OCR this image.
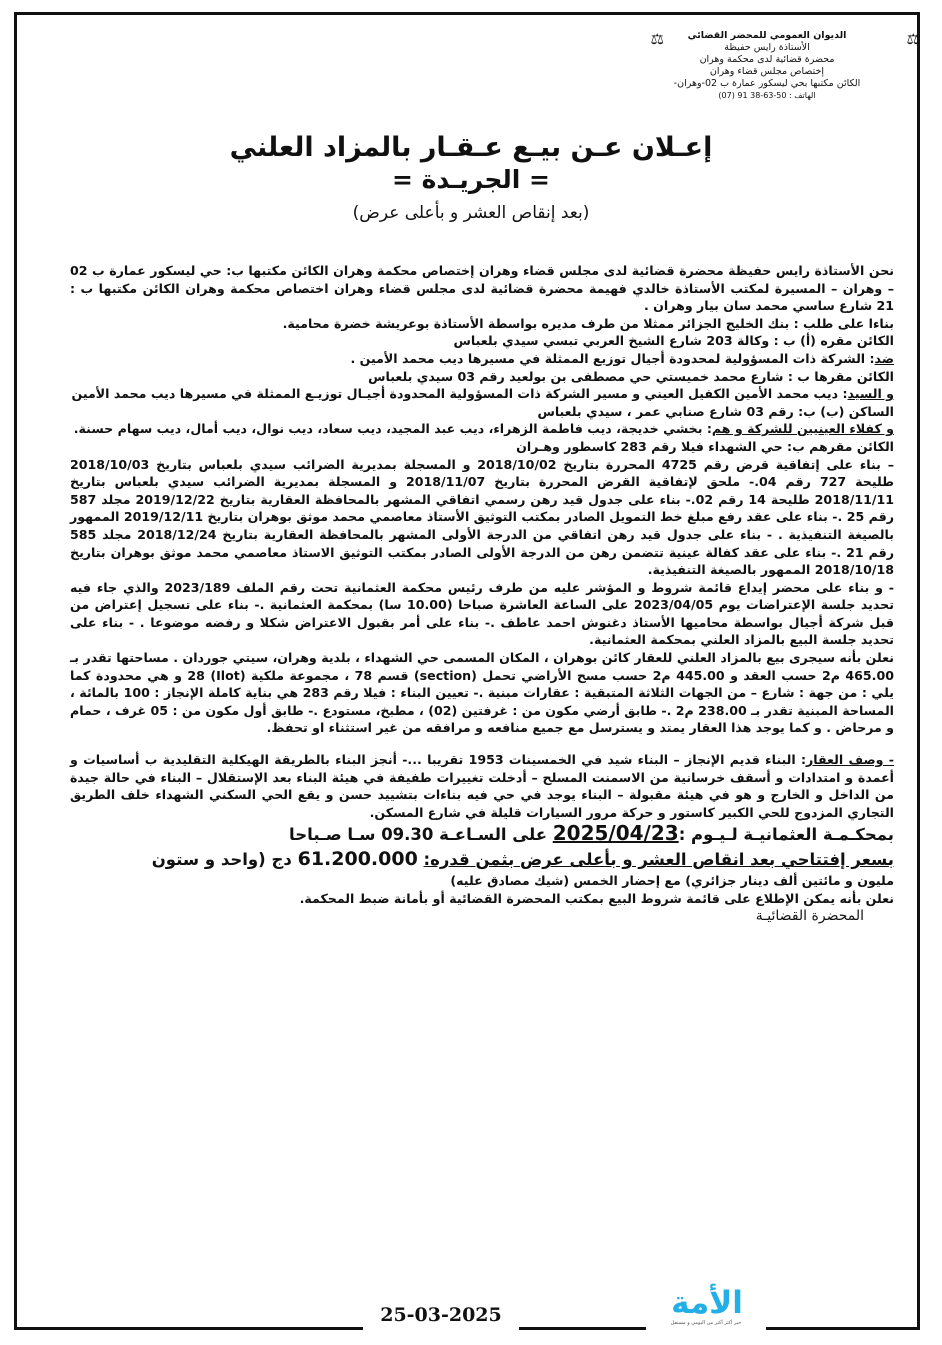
⚖
⚖	الديوان العمومي للمحضر القضائي
الأستاذة رايس حفيظة
محضرة قضائية لدى محكمة وهران
إختصاص مجلس قضاء وهران
الكائن مكتبها بحي ليسكور عمارة ب 02-وهران-
الهاتف : 50-63-38 91 (07)
إعـلان عـن بيـع عـقـار بالمزاد العلني
= الجريـدة =
(بعد إنقاص العشر و بأعلى عرض)

نحن الأستاذة رايس حفيظة محضرة قضائية لدى مجلس قضاء وهران إختصاص محكمة وهران الكائن مكتبها ب: حي ليسكور عمارة ب 02 – وهران – المسيرة لمكتب الأستاذة خالدي فهيمة محضرة قضائية لدى مجلس قضاء وهران اختصاص محكمة وهران الكائن مكتبها ب : 21 شارع ساسي محمد سان بيار وهران .

بناءا على طلب : بنك الخليج الجزائر ممثلا من طرف مديره بواسطة الأستاذة بوعريشة خضرة محامية.

الكائن مقره (أ) ب : وكالة 203 شارع الشيخ العربي تبسي سيدي بلعباس

ضد: الشركة ذات المسؤولية لمحدودة أجيال توزيع الممثلة في مسيرها ديب محمد الأمين .

الكائن مقرها ب : شارع محمد خميستي حي مصطفى بن بولعيد رقم 03 سيدي بلعباس

و السيد: ديب محمد الأمين الكفيل العيني و مسير الشركة ذات المسؤولية المحدودة أجيـال توزيـع الممثلة في مسيرها ديب محمد الأمين

الساكن (ب) ب: رقم 03 شارع صنابي عمر ، سيدي بلعباس

و كفلاء العينيين للشركة و هم: بخشي خديجة، ديب فاطمة الزهراء، ديب عبد المجيد، ديب سعاد، ديب نوال، ديب أمال، ديب سهام حسنة.

الكائن مقرهم ب: حي الشهداء فيلا رقم 283 كاسطور وهـران

– بناء على إتفاقية قرض رقم 4725 المحررة بتاريخ 2018/10/02 و المسجلة بمديرية الضرائب سيدي بلعباس بتاريخ 2018/10/03 طليحة 727 رقم 04.- ملحق لإتفاقية القرض المحررة بتاريخ 2018/11/07 و المسجلة بمديرية الضرائب سيدي بلعباس بتاريخ 2018/11/11 طليحة 14 رقم 02.- بناء على جدول قيد رهن رسمي اتفاقي المشهر بالمحافظة العقارية بتاريخ 2019/12/22 مجلد 587 رقم 25 .- بناء على عقد رفع مبلغ خط التمويل الصادر بمكتب التوثيق الأستاذ معاصمي محمد موثق بوهران بتاريخ 2019/12/11 الممهور بالصيغة التنفيذية . - بناء على جدول قيد رهن اتفاقي من الدرجة الأولى المشهر بالمحافظة العقارية بتاريخ 2018/12/24 مجلد 585 رقم 21 .- بناء على عقد كفالة عينية تتضمن رهن من الدرجة الأولى الصادر بمكتب التوثيق الاستاذ معاصمي محمد موثق بوهران بتاريخ 2018/10/18 الممهور بالصيغة التنفيذية.

- و بناء على محضر إيداع قائمة شروط و المؤشر عليه من طرف رئيس محكمة العثمانية تحت رقم الملف 2023/189 والذي جاء فيه تحديد جلسة الإعتراضات يوم 2023/04/05 على الساعة العاشرة صباحا (10.00 سا) بمحكمة العثمانية .- بناء على تسجيل إعتراض من قبل شركة أجيال بواسطة محاميها الأستاذ دغنوش احمد عاطف .- بناء على أمر بقبول الاعتراض شكلا و رفضه موضوعا . - بناء على تحديد جلسة البيع بالمزاد العلني بمحكمة العثمانية.

نعلن بأنه سيجرى بيع بالمزاد العلني للعقار كائن بوهران ، المكان المسمى حي الشهداء ، بلدية وهران، سيتي جوردان . مساحتها تقدر بـ 465.00 م2 حسب العقد و 445.00 م2 حسب مسح الأراضي تحمل (section) قسم 78 ، مجموعة ملكية (Ilot) 28 و هي محدودة كما يلي : من جهة : شارع – من الجهات الثلاثة المتبقية : عقارات مبنية .- تعيين البناء : فيلا رقم 283 هي بناية كاملة الإنجاز : 100 بالمائة ، المساحة المبنية تقدر بـ 238.00 م2 .- طابق أرضي مكون من : غرفتين (02) ، مطبخ، مستودع .- طابق أول مكون من : 05 غرف ، حمام و مرحاض . و كما يوجد هذا العقار يمتد و يسترسل مع جميع منافعه و مرافقه من غير استثناء او تحفظ.

- وصف العقار: البناء قديم الإنجاز – البناء شيد في الخمسينات 1953 تقريبا ...- أنجز البناء بالطريقة الهيكلية التقليدية ب أساسيات و أعمدة و امتدادات و أسقف خرسانية من الاسمنت المسلح – أدخلت تغييرات طفيفة في هيئة البناء بعد الإستقلال – البناء في حالة جيدة من الداخل و الخارج و هو في هيئة مقبولة – البناء يوجد في حي فيه بناءات بتشييد حسن و يقع الحي السكني الشهداء خلف الطريق التجاري المزدوج للحي الكبير كاستور و حركة مرور السيارات قليلة في شارع المسكن.

بمحكـمـة العثمانيـة لـيـوم :2025/04/23 على السـاعـة 09.30 سـا صـباحا

بسعر إفتتاحي بعد انقاص العشر و بأعلى عرض بثمن قدره: 61.200.000 دج (واحد و ستون

مليون و مائتين ألف دينار جزائري) مع إحضار الخمس (شيك مصادق عليه)

نعلن بأنه يمكن الإطلاع على قائمة شروط البيع بمكتب المحضرة القضائية أو بأمانة ضبط المحكمة.

المحضرة القضائيـة

الأمة
خبر أكثر أكثر من اليومي و مستقل
25-03-2025
